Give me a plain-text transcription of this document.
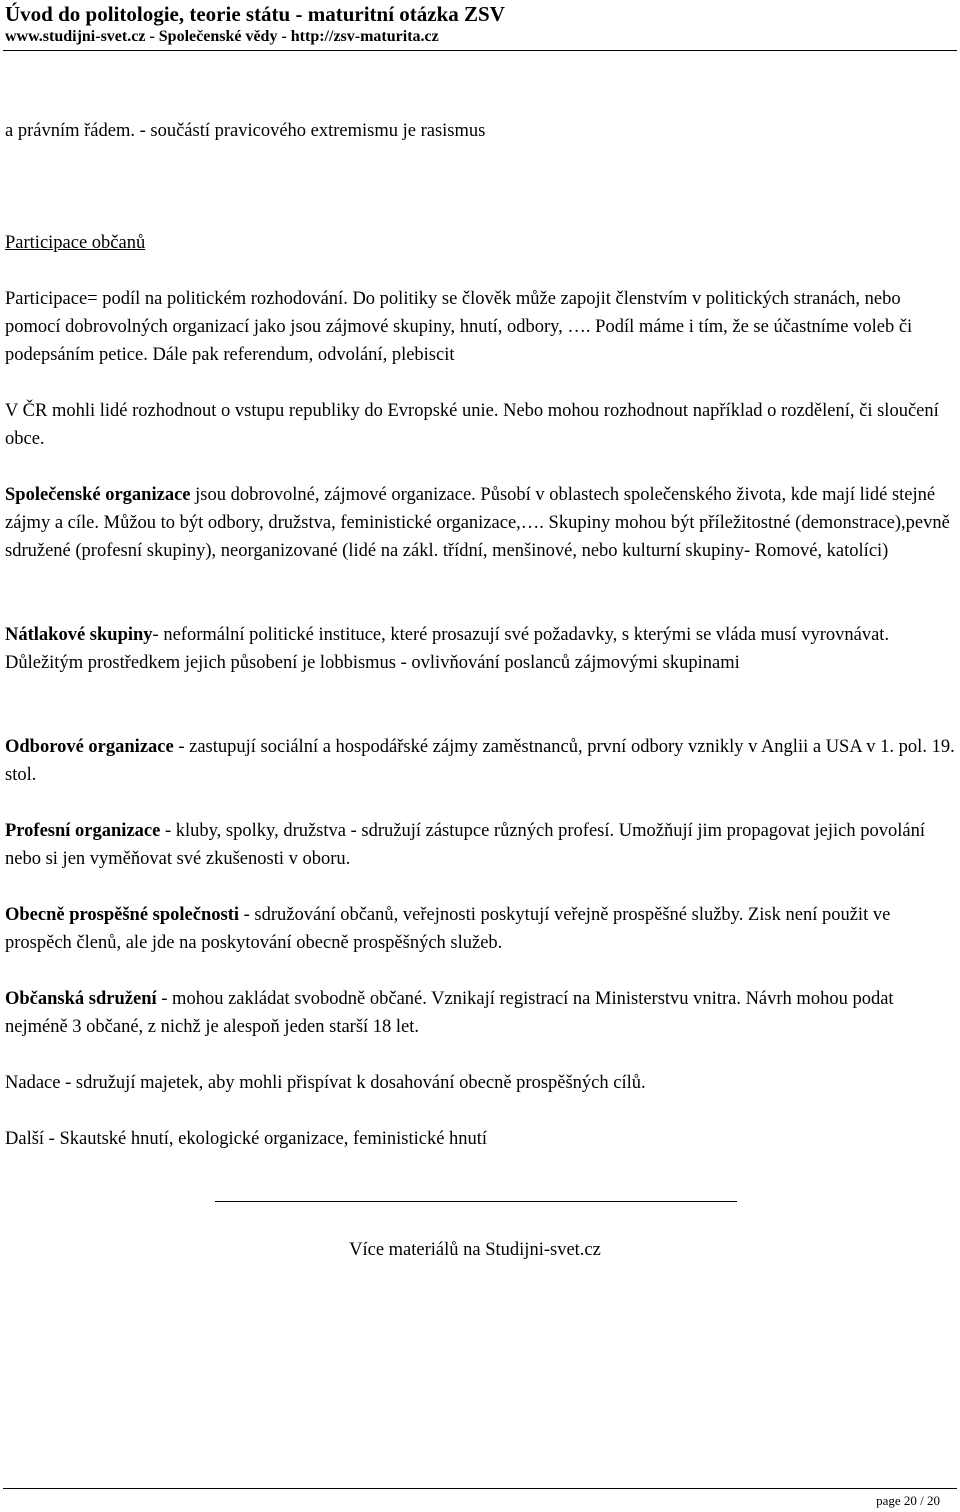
Úvod do politologie, teorie státu - maturitní otázka ZSV
www.studijni-svet.cz - Společenské vědy - http://zsv-maturita.cz
a právním řádem. - součástí pravicového extremismu je rasismus
Participace občanů
Participace= podíl na politickém rozhodování. Do politiky se člověk může zapojit členstvím v politických stranách, nebo pomocí dobrovolných organizací jako jsou zájmové skupiny, hnutí, odbory, …. Podíl máme i tím, že se účastníme voleb či podepsáním petice. Dále pak referendum, odvolání, plebiscit
V ČR mohli lidé rozhodnout o vstupu republiky do Evropské unie. Nebo mohou rozhodnout například o rozdělení, či sloučení obce.
Společenské organizace jsou dobrovolné, zájmové organizace. Působí v oblastech společenského života, kde mají lidé stejné zájmy a cíle. Můžou to být odbory, družstva, feministické organizace,…. Skupiny mohou být příležitostné (demonstrace),pevně sdružené (profesní skupiny), neorganizované (lidé na zákl. třídní, menšinové, nebo kulturní skupiny- Romové, katolíci)
Nátlakové skupiny- neformální politické instituce, které prosazují své požadavky, s kterými se vláda musí vyrovnávat. Důležitým prostředkem jejich působení je lobbismus - ovlivňování poslanců zájmovými skupinami
Odborové organizace - zastupují sociální a hospodářské zájmy zaměstnanců, první odbory vznikly v Anglii a USA v 1. pol. 19. stol.
Profesní organizace - kluby, spolky, družstva - sdružují zástupce různých profesí. Umožňují jim propagovat jejich povolání nebo si jen vyměňovat své zkušenosti v oboru.
Obecně prospěšné společnosti - sdružování občanů, veřejnosti poskytují veřejně prospěšné služby. Zisk není použit ve prospěch členů, ale jde na poskytování obecně prospěšných služeb.
Občanská sdružení - mohou zakládat svobodně občané. Vznikají registrací na Ministerstvu vnitra. Návrh mohou podat nejméně 3 občané, z nichž je alespoň jeden starší 18 let.
Nadace - sdružují majetek, aby mohli přispívat k dosahování obecně prospěšných cílů.
Další - Skautské hnutí, ekologické organizace, feministické hnutí
Více materiálů na Studijni-svet.cz
page 20 / 20
